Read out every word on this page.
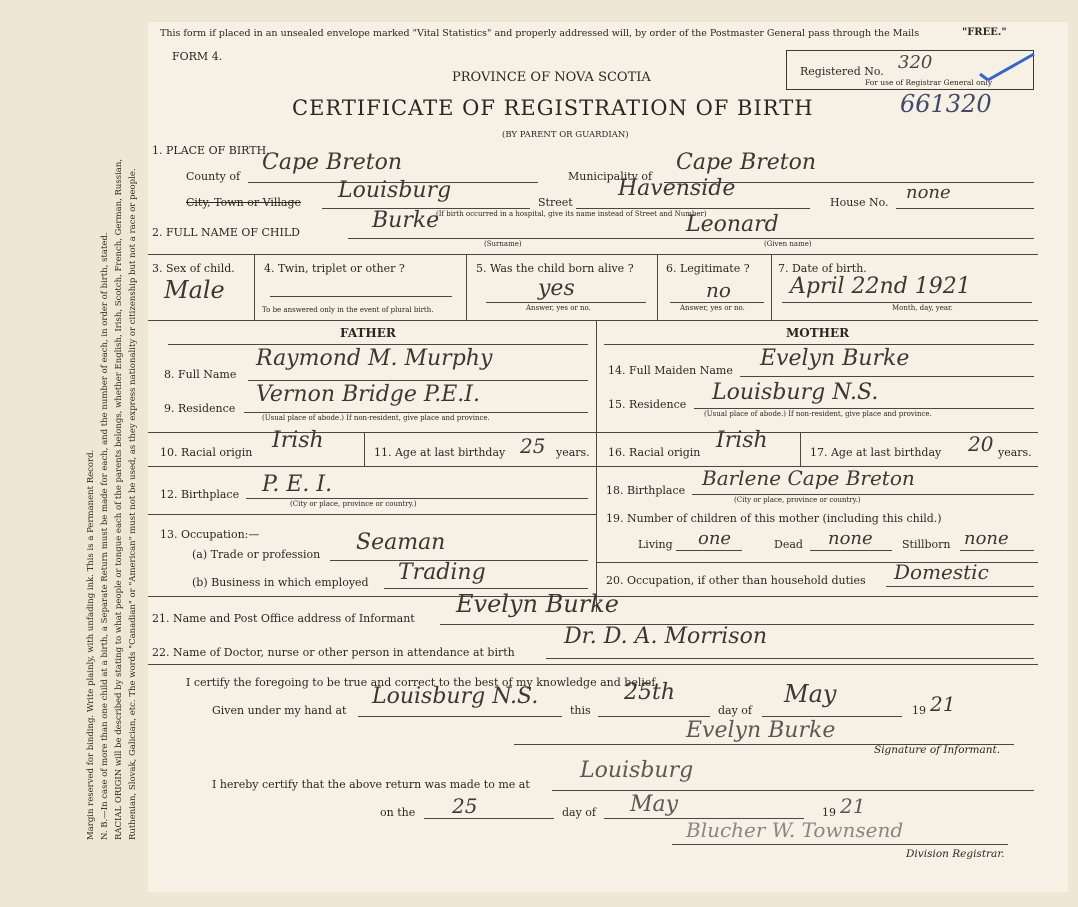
Margin reserved for binding. Write plainly, with unfading ink. This is a Permanent Record. N. B.—In case of more than one child at a birth, a Separate Return must be made for each, and the number of each, in order of birth, stated. RACIAL ORIGIN will be described by stating to what people or tongue each of the parents belongs, whether English, Irish, Scotch, French, German, Russian, Ruthenian, Slovak, Galician, etc. The words "Canadian" or "American" must not be used, as they express nationality or citizenship but not a race or people.
This form if placed in an unsealed envelope marked "Vital Statistics" and properly addressed will, by order of the Postmaster General pass through the Mails	"FREE."
FORM 4.
PROVINCE OF NOVA SCOTIA
CERTIFICATE OF REGISTRATION OF BIRTH
(BY PARENT OR GUARDIAN)
Registered No. 320
For use of Registrar General only
661320
1. PLACE OF BIRTH.
County of
Cape Breton
Municipality of
Cape Breton
City, Town or Village Louisburg	Street
Havenside
House No. none
(If birth occurred in a hospital, give its name instead of Street and Number)
2. FULL NAME OF CHILD	Burke
(Surname)
Leonard
(Given name)
3. Sex of child.
Male
4. Twin, triplet or other ?
To be answered only in the event of plural birth.
5. Was the child born alive ?
yes
Answer, yes or no.
6. Legitimate ?
no
Answer, yes or no.
7. Date of birth.
April 22nd 1921
Month, day, year.
FATHER	MOTHER
8. Full Name
Raymond M. Murphy
9. Residence
Vernon Bridge P.E.I.
(Usual place of abode.) If non-resident, give place and province.
10. Racial origin Irish	11. Age at last birthday 25 years.
12. Birthplace P. E. I.
(City or place, province or country.)
13. Occupation:—
(a) Trade or profession Seaman
(b) Business in which employed Trading
14. Full Maiden Name Evelyn Burke
15. Residence Louisburg N.S.
(Usual place of abode.) If non-resident, give place and province.
16. Racial origin Irish	17. Age at last birthday 20 years.
18. Birthplace
Barlene Cape Breton
(City or place, province or country.)
19. Number of children of this mother (including this child.)
Living one	Dead none	Stillborn none
20. Occupation, if other than household duties Domestic
21. Name and Post Office address of Informant
Evelyn Burke
22. Name of Doctor, nurse or other person in attendance at birth
Dr. D. A. Morrison
I certify the foregoing to be true and correct to the best of my knowledge and belief.
Given under my hand at
Louisburg N.S.
this
25th
day of
May
19 21
Evelyn Burke
Signature of Informant.
I hereby certify that the above return was made to me at
Louisburg
on the 25	day of May	19 21
Blucher W. Townsend
Division Registrar.
